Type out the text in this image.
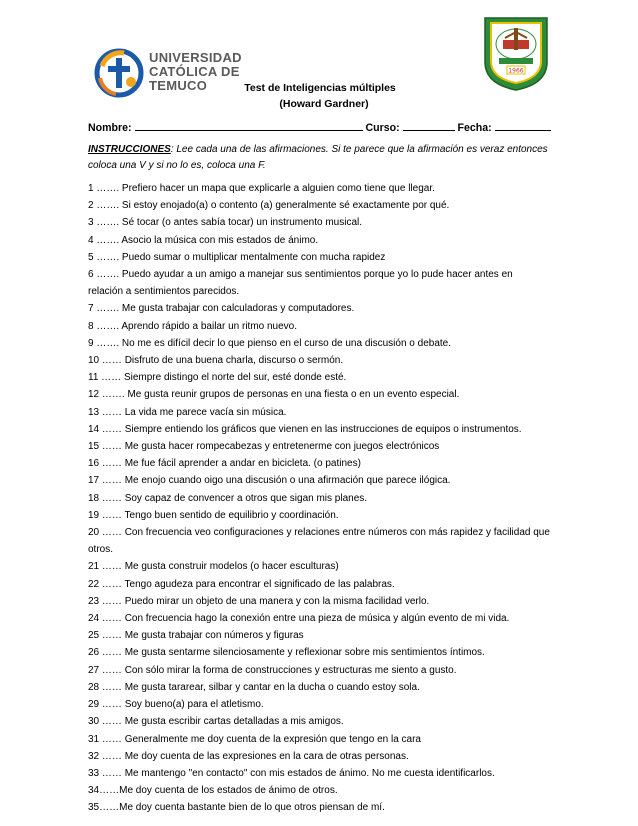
UNIVERSIDAD
CATÓLICA DE
TEMUCO
1966
Test de Inteligencias múltiples
(Howard Gardner)
Nombre:	Curso:	Fecha:
INSTRUCCIONES: Lee cada una de las afirmaciones. Si te parece que la afirmación es veraz entonces coloca una V y si no lo es, coloca una F.
1 ……. Prefiero hacer un mapa que explicarle a alguien como tiene que llegar.
2 ……. Si estoy enojado(a) o contento (a) generalmente sé exactamente por qué.
3 ……. Sé tocar (o antes sabía tocar) un instrumento musical.
4 ……. Asocio la música con mis estados de ánimo.
5 ……. Puedo sumar o multiplicar mentalmente con mucha rapidez
6 ……. Puedo ayudar a un amigo a manejar sus sentimientos porque yo lo pude hacer antes en relación a sentimientos parecidos.
7 ……. Me gusta trabajar con calculadoras y computadores.
8 ……. Aprendo rápido a bailar un ritmo nuevo.
9 ……. No me es difícil decir lo que pienso en el curso de una discusión o debate.
10 …… Disfruto de una buena charla, discurso o sermón.
11 …… Siempre distingo el norte del sur, esté donde esté.
12 ……. Me gusta reunir grupos de personas en una fiesta o en un evento especial.
13 …… La vida me parece vacía sin música.
14 …… Siempre entiendo los gráficos que vienen en las instrucciones de equipos o instrumentos.
15 …… Me gusta hacer rompecabezas y entretenerme con juegos electrónicos
16 …… Me fue fácil aprender a andar en bicicleta. (o patines)
17 …… Me enojo cuando oigo una discusión o una afirmación que parece ilógica.
18 …… Soy capaz de convencer a otros que sigan mis planes.
19 …… Tengo buen sentido de equilibrio y coordinación.
20 …… Con frecuencia veo configuraciones y relaciones entre números con más rapidez y facilidad que otros.
21 …… Me gusta construir modelos (o hacer esculturas)
22 …… Tengo agudeza para encontrar el significado de las palabras.
23 …… Puedo mirar un objeto de una manera y con la misma facilidad verlo.
24 …… Con frecuencia hago la conexión entre una pieza de música y algún evento de mi vida.
25 …… Me gusta trabajar con números y figuras
26 …… Me gusta sentarme silenciosamente y reflexionar sobre mis sentimientos íntimos.
27 …… Con sólo mirar la forma de construcciones y estructuras me siento a gusto.
28 …… Me gusta tararear, silbar y cantar en la ducha o cuando estoy sola.
29 …… Soy bueno(a) para el atletismo.
30 …… Me gusta escribir cartas detalladas a mis amigos.
31 …… Generalmente me doy cuenta de la expresión que tengo en la cara
32 …… Me doy cuenta de las expresiones en la cara de otras personas.
33 …… Me mantengo "en contacto" con mis estados de ánimo. No me cuesta identificarlos.
34……Me doy cuenta de los estados de ánimo de otros.
35……Me doy cuenta bastante bien de lo que otros piensan de mí.
